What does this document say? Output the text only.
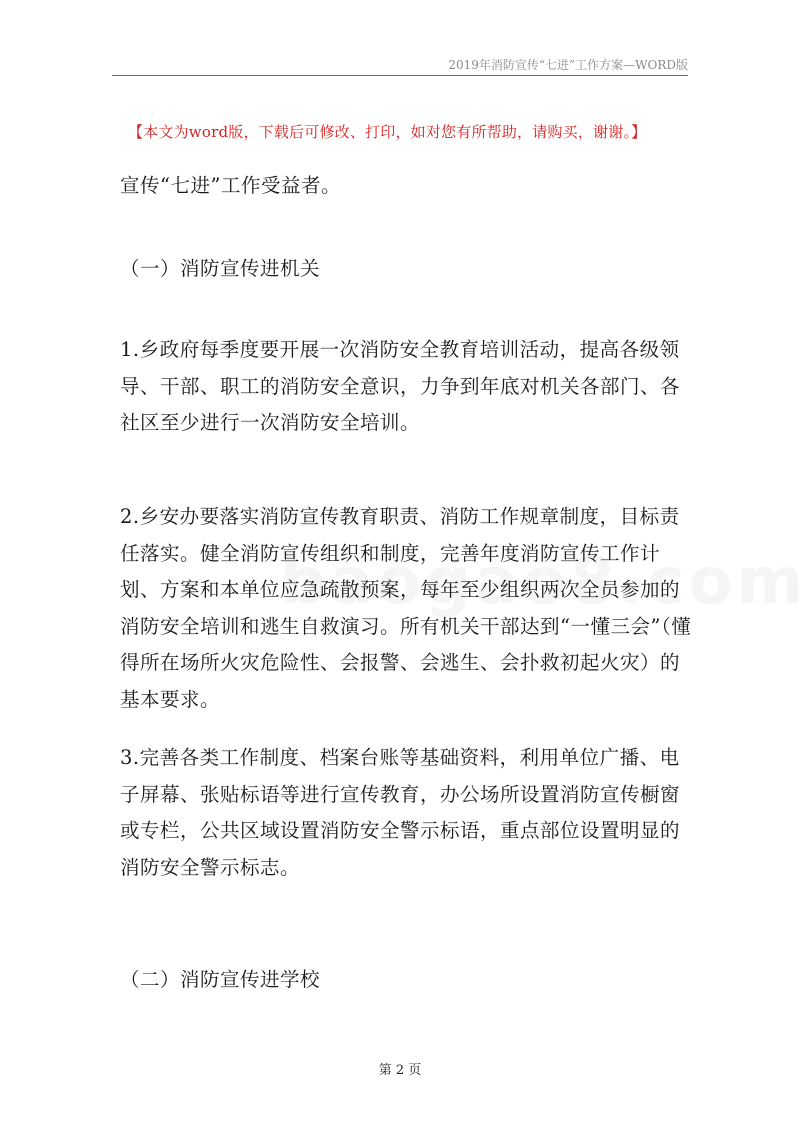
2019年消防宣传“七进”工作方案—WORD版
【本文为word版，下载后可修改、打印，如对您有所帮助，请购买，谢谢。】

宣传“七进”工作受益者。

（一）消防宣传进机关

1.乡政府每季度要开展一次消防安全教育培训活动，提高各级领导、干部、职工的消防安全意识，力争到年底对机关各部门、各社区至少进行一次消防安全培训。

2.乡安办要落实消防宣传教育职责、消防工作规章制度，目标责任落实。健全消防宣传组织和制度，完善年度消防宣传工作计划、方案和本单位应急疏散预案，每年至少组织两次全员参加的消防安全培训和逃生自救演习。所有机关干部达到“一懂三会”（懂得所在场所火灾危险性、会报警、会逃生、会扑救初起火灾）的基本要求。

3.完善各类工作制度、档案台账等基础资料，利用单位广播、电子屏幕、张贴标语等进行宣传教育，办公场所设置消防宣传橱窗或专栏，公共区域设置消防安全警示标语，重点部位设置明显的消防安全警示标志。

（二）消防宣传进学校

第 2 页
